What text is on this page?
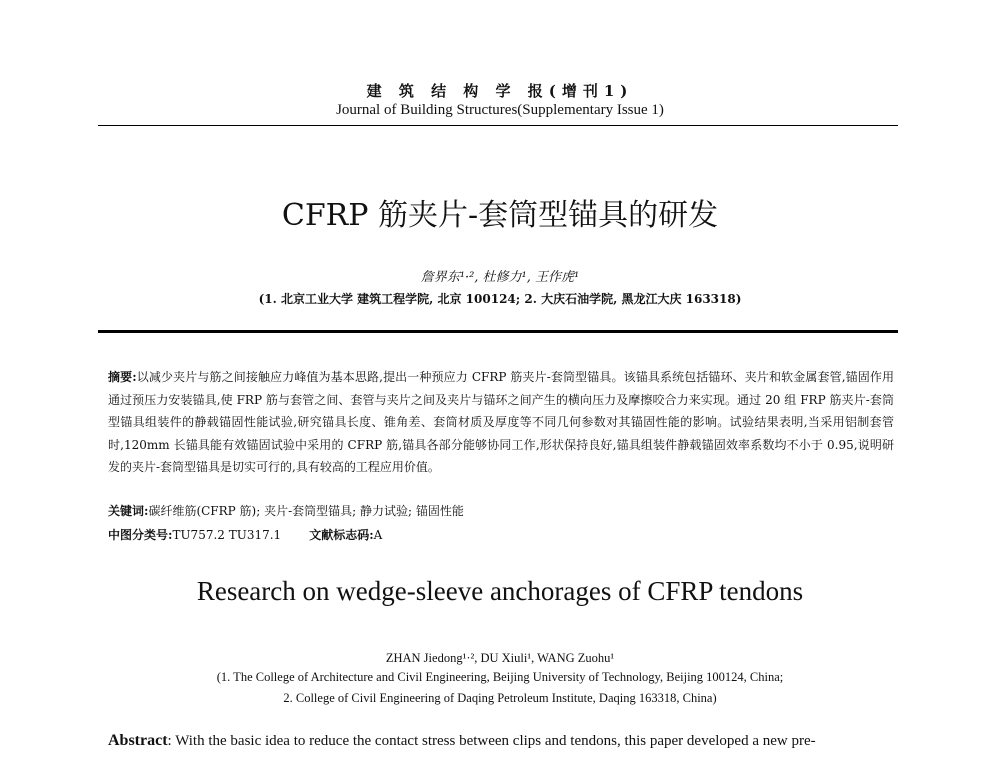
建 筑 结 构 学 报(增刊1)
Journal of Building Structures(Supplementary Issue 1)
CFRP 筋夹片-套筒型锚具的研发
詹界东¹·², 杜修力¹, 王作虎¹
(1. 北京工业大学 建筑工程学院, 北京 100124; 2. 大庆石油学院, 黑龙江大庆 163318)
摘要:以减少夹片与筋之间接触应力峰值为基本思路,提出一种预应力 CFRP 筋夹片-套筒型锚具。该锚具系统包括锚环、夹片和软金属套管,锚固作用通过预压力安装锚具,使 FRP 筋与套管之间、套管与夹片之间及夹片与锚环之间产生的横向压力及摩擦咬合力来实现。通过 20 组 FRP 筋夹片-套筒型锚具组装件的静载锚固性能试验,研究锚具长度、锥角差、套筒材质及厚度等不同几何参数对其锚固性能的影响。试验结果表明,当采用铝制套管时,120mm 长锚具能有效锚固试验中采用的 CFRP 筋,锚具各部分能够协同工作,形状保持良好,锚具组装件静载锚固效率系数均不小于 0.95,说明研发的夹片-套筒型锚具是切实可行的,具有较高的工程应用价值。
关键词:碳纤维筋(CFRP 筋); 夹片-套筒型锚具; 静力试验; 锚固性能
中图分类号:TU757.2 TU317.1 文献标志码:A
Research on wedge-sleeve anchorages of CFRP tendons
ZHAN Jiedong¹·², DU Xiuli¹, WANG Zuohu¹
(1. The College of Architecture and Civil Engineering, Beijing University of Technology, Beijing 100124, China;
2. College of Civil Engineering of Daqing Petroleum Institute, Daqing 163318, China)
Abstract: With the basic idea to reduce the contact stress between clips and tendons, this paper developed a new pre-
